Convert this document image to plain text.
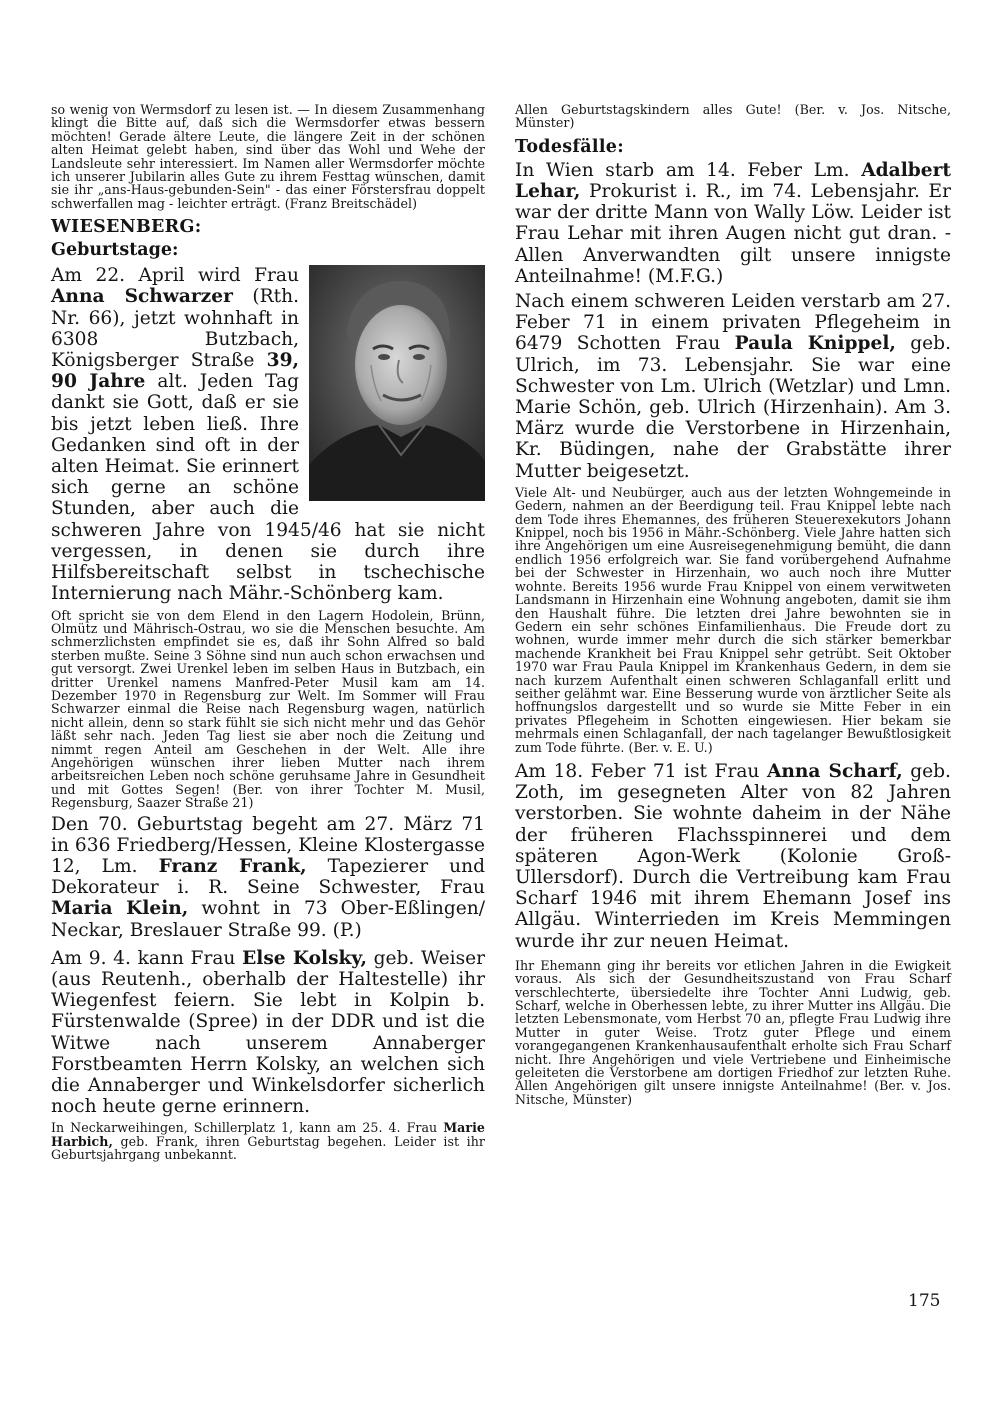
so wenig von Wermsdorf zu lesen ist. — In diesem Zusammenhang klingt die Bitte auf, daß sich die Wermsdorfer etwas bessern möchten! Gerade ältere Leute, die längere Zeit in der schönen alten Heimat gelebt haben, sind über das Wohl und Wehe der Landsleute sehr interessiert. Im Namen aller Wermsdorfer möchte ich unserer Jubilarin alles Gute zu ihrem Festtag wünschen, damit sie ihr „ans-Haus-gebunden-Sein" - das einer Förstersfrau doppelt schwerfallen mag - leichter erträgt. (Franz Breitschädel)

WIESENBERG:
Geburtstage:

Am 22. April wird Frau Anna Schwarzer (Rth. Nr. 66), jetzt wohnhaft in 6308 Butzbach, Königsberger Straße 39, 90 Jahre alt. Jeden Tag dankt sie Gott, daß er sie bis jetzt leben ließ. Ihre Gedanken sind oft in der alten Heimat. Sie erinnert sich gerne an schöne Stunden, aber auch die schweren Jahre von 1945/46 hat sie nicht vergessen, in denen sie durch ihre Hilfsbereitschaft selbst in tschechische Internierung nach Mähr.-Schönberg kam.

Oft spricht sie von dem Elend in den Lagern Hodolein, Brünn, Olmütz und Mährisch-Ostrau, wo sie die Menschen besuchte. Am schmerzlichsten empfindet sie es, daß ihr Sohn Alfred so bald sterben mußte. Seine 3 Söhne sind nun auch schon erwachsen und gut versorgt. Zwei Urenkel leben im selben Haus in Butzbach, ein dritter Urenkel namens Manfred-Peter Musil kam am 14. Dezember 1970 in Regensburg zur Welt. Im Sommer will Frau Schwarzer einmal die Reise nach Regensburg wagen, natürlich nicht allein, denn so stark fühlt sie sich nicht mehr und das Gehör läßt sehr nach. Jeden Tag liest sie aber noch die Zeitung und nimmt regen Anteil am Geschehen in der Welt. Alle ihre Angehörigen wünschen ihrer lieben Mutter nach ihrem arbeitsreichen Leben noch schöne geruhsame Jahre in Gesundheit und mit Gottes Segen! (Ber. von ihrer Tochter M. Musil, Regensburg, Saazer Straße 21)

Den 70. Geburtstag begeht am 27. März 71 in 636 Friedberg/Hessen, Kleine Klostergasse 12, Lm. Franz Frank, Tapezierer und Dekorateur i. R. Seine Schwester, Frau Maria Klein, wohnt in 73 Ober-Eßlingen/ Neckar, Breslauer Straße 99. (P.)

Am 9. 4. kann Frau Else Kolsky, geb. Weiser (aus Reutenh., oberhalb der Haltestelle) ihr Wiegenfest feiern. Sie lebt in Kolpin b. Fürstenwalde (Spree) in der DDR und ist die Witwe nach unserem Annaberger Forstbeamten Herrn Kolsky, an welchen sich die Annaberger und Winkelsdorfer sicherlich noch heute gerne erinnern.

In Neckarweihingen, Schillerplatz 1, kann am 25. 4. Frau Marie Harbich, geb. Frank, ihren Geburtstag begehen. Leider ist ihr Geburtsjahrgang unbekannt.

Allen Geburtstagskindern alles Gute! (Ber. v. Jos. Nitsche, Münster)

Todesfälle:

In Wien starb am 14. Feber Lm. Adalbert Lehar, Prokurist i. R., im 74. Lebensjahr. Er war der dritte Mann von Wally Löw. Leider ist Frau Lehar mit ihren Augen nicht gut dran. - Allen Anverwandten gilt unsere innigste Anteilnahme! (M.F.G.)

Nach einem schweren Leiden verstarb am 27. Feber 71 in einem privaten Pflegeheim in 6479 Schotten Frau Paula Knippel, geb. Ulrich, im 73. Lebensjahr. Sie war eine Schwester von Lm. Ulrich (Wetzlar) und Lmn. Marie Schön, geb. Ulrich (Hirzenhain). Am 3. März wurde die Verstorbene in Hirzenhain, Kr. Büdingen, nahe der Grabstätte ihrer Mutter beigesetzt.

Viele Alt- und Neubürger, auch aus der letzten Wohngemeinde in Gedern, nahmen an der Beerdigung teil. Frau Knippel lebte nach dem Tode ihres Ehemannes, des früheren Steuerexekutors Johann Knippel, noch bis 1956 in Mähr.-Schönberg. Viele Jahre hatten sich ihre Angehörigen um eine Ausreisegenehmigung bemüht, die dann endlich 1956 erfolgreich war. Sie fand vorübergehend Aufnahme bei der Schwester in Hirzenhain, wo auch noch ihre Mutter wohnte. Bereits 1956 wurde Frau Knippel von einem verwitweten Landsmann in Hirzenhain eine Wohnung angeboten, damit sie ihm den Haushalt führe. Die letzten drei Jahre bewohnten sie in Gedern ein sehr schönes Einfamilienhaus. Die Freude dort zu wohnen, wurde immer mehr durch die sich stärker bemerkbar machende Krankheit bei Frau Knippel sehr getrübt. Seit Oktober 1970 war Frau Paula Knippel im Krankenhaus Gedern, in dem sie nach kurzem Aufenthalt einen schweren Schlaganfall erlitt und seither gelähmt war. Eine Besserung wurde von ärztlicher Seite als hoffnungslos dargestellt und so wurde sie Mitte Feber in ein privates Pflegeheim in Schotten eingewiesen. Hier bekam sie mehrmals einen Schlaganfall, der nach tagelanger Bewußtlosigkeit zum Tode führte. (Ber. v. E. U.)

Am 18. Feber 71 ist Frau Anna Scharf, geb. Zoth, im gesegneten Alter von 82 Jahren verstorben. Sie wohnte daheim in der Nähe der früheren Flachsspinnerei und dem späteren Agon-Werk (Kolonie Groß-Ullersdorf). Durch die Vertreibung kam Frau Scharf 1946 mit ihrem Ehemann Josef ins Allgäu. Winterrieden im Kreis Memmingen wurde ihr zur neuen Heimat.

Ihr Ehemann ging ihr bereits vor etlichen Jahren in die Ewigkeit voraus. Als sich der Gesundheitszustand von Frau Scharf verschlechterte, übersiedelte ihre Tochter Anni Ludwig, geb. Scharf, welche in Oberhessen lebte, zu ihrer Mutter ins Allgäu. Die letzten Lebensmonate, vom Herbst 70 an, pflegte Frau Ludwig ihre Mutter in guter Weise. Trotz guter Pflege und einem vorangegangenen Krankenhausaufenthalt erholte sich Frau Scharf nicht. Ihre Angehörigen und viele Vertriebene und Einheimische geleiteten die Verstorbene am dortigen Friedhof zur letzten Ruhe. Allen Angehörigen gilt unsere innigste Anteilnahme! (Ber. v. Jos. Nitsche, Münster)

175
